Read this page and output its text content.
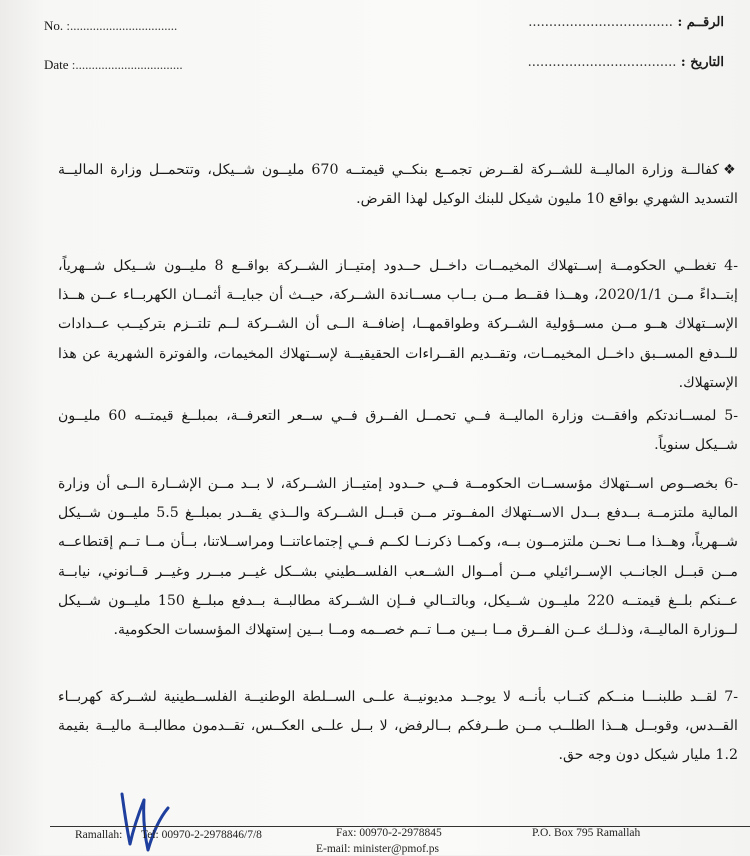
No. :.................................
Date :.................................
الرقــم : ...................................
التاريخ : ....................................

❖كفالــة وزارة الماليــة للشــركة لقــرض تجمــع بنكــي قيمتــه 670 مليــون شــيكل، وتتحمــل وزارة الماليــة التسديد الشهري بواقع 10 مليون شيكل للبنك الوكيل لهذا القرض.

-4 تغطــي الحكومــة إســتهلاك المخيمــات داخــل حــدود إمتيــاز الشــركة بواقــع 8 مليــون شــيكل شــهرياً، إبتــداءً مــن 2020/1/1، وهــذا فقــط مــن بــاب مســاندة الشــركة، حيــث أن جبايــة أثمــان الكهربــاء عــن هــذا الإســتهلاك هــو مــن مســؤولية الشــركة وطواقمهــا، إضافــة الــى أن الشــركة لــم تلتــزم بتركيــب عــدادات للــدفع المســبق داخــل المخيمــات، وتقــديم القــراءات الحقيقيــة لإســتهلاك المخيمات، والفوترة الشهرية عن هذا الإستهلاك.

-5 لمســاندتكم وافقــت وزارة الماليــة فــي تحمــل الفــرق فــي ســعر التعرفــة، بمبلــغ قيمتــه 60 مليــون شــيكل سنوياً.

-6 بخصــوص اســتهلاك مؤسســات الحكومــة فــي حــدود إمتيــاز الشــركة، لا بــد مــن الإشــارة الــى أن وزارة المالية ملتزمــة بــدفع بــدل الاســتهلاك المفــوتر مــن قبــل الشــركة والــذي يقــدر بمبلــغ 5.5 مليــون شــيكل شــهرياً، وهــذا مــا نحــن ملتزمــون بــه، وكمــا ذكرنــا لكــم فــي إجتماعاتنــا ومراســلاتنا، بــأن مــا تــم إقتطاعــه مــن قبــل الجانــب الإســرائيلي مــن أمــوال الشــعب الفلســطيني بشــكل غيــر مبــرر وغيــر قــانوني، نيابــة عــنكم بلــغ قيمتــه 220 مليــون شــيكل، وبالتــالي فــإن الشــركة مطالبــة بــدفع مبلــغ 150 مليــون شــيكل لــوزارة الماليــة، وذلــك عــن الفــرق مــا بــين مــا تــم خصــمه ومــا بــين إستهلاك المؤسسات الحكومية.

-7 لقــد طلبنـــا منــكم كتــاب بأنــه لا يوجــد مديونيــة علــى الســلطة الوطنيــة الفلســطينية لشــركة كهربــاء القــدس، وقوبــل هــذا الطلــب مــن طــرفكم بــالرفض، لا بــل علــى العكــس، تقــدمون مطالبــة ماليــة بقيمة 1.2 مليار شيكل دون وجه حق.

Ramallah: Tel: 00970-2-2978846/7/8	Fax: 00970-2-2978845
E-mail: minister@pmof.ps
P.O. Box 795 Ramallah
